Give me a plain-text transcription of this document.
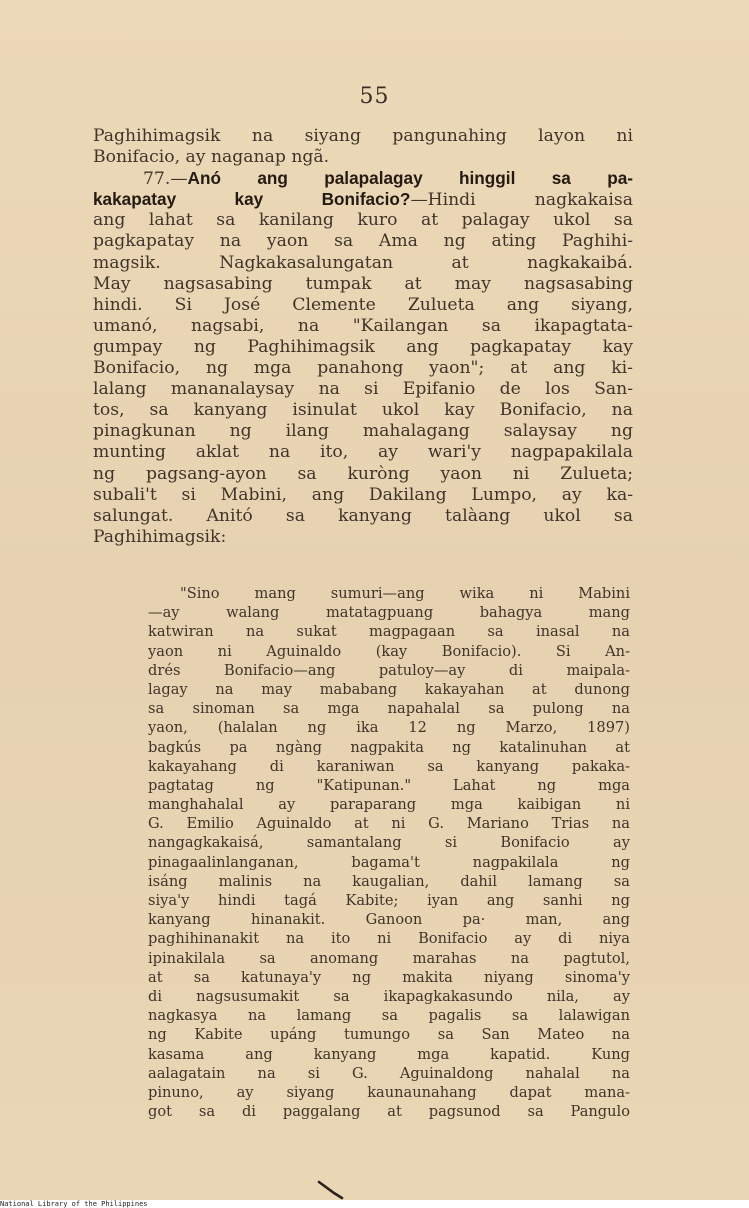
55
Paghihimagsik na siyang pangunahing layon ni
Bonifacio, ay naganap ngã.
77.—Anó ang palapalagay hinggil sa pa-
kakapatay kay Bonifacio?—Hindi nagkakaisa
ang lahat sa kanilang kuro at palagay ukol sa
pagkapatay na yaon sa Ama ng ating Paghihi-
magsik. Nagkakasalungatan at nagkakaibá.
May nagsasabing tumpak at may nagsasabing
hindi. Si José Clemente Zulueta ang siyang,
umanó, nagsabi, na "Kailangan sa ikapagtata-
gumpay ng Paghihimagsik ang pagkapatay kay
Bonifacio, ng mga panahong yaon"; at ang ki-
lalang mananalaysay na si Epifanio de los San-
tos, sa kanyang isinulat ukol kay Bonifacio, na
pinagkunan ng ilang mahalagang salaysay ng
munting aklat na ito, ay wari'y nagpapakilala
ng pagsang-ayon sa kuròng yaon ni Zulueta;
subali't si Mabini, ang Dakilang Lumpo, ay ka-
salungat. Anitó sa kanyang talàang ukol sa
Paghihimagsik:
"Sino mang sumuri—ang wika ni Mabini
—ay walang matatagpuang bahagya mang
katwiran na sukat magpagaan sa inasal na
yaon ni Aguinaldo (kay Bonifacio). Si An-
drés Bonifacio—ang patuloy—ay di maipala-
lagay na may mababang kakayahan at dunong
sa sinoman sa mga napahalal sa pulong na
yaon, (halalan ng ika 12 ng Marzo, 1897)
bagkús pa ngàng nagpakita ng katalinuhan at
kakayahang di karaniwan sa kanyang pakaka-
pagtatag ng "Katipunan." Lahat ng mga
manghahalal ay paraparang mga kaibigan ni
G. Emilio Aguinaldo at ni G. Mariano Trias na
nangagkakaisá, samantalang si Bonifacio ay
pinagaalinlanganan, bagama't nagpakilala ng
isáng malinis na kaugalian, dahil lamang sa
siya'y hindi tagá Kabite; iyan ang sanhi ng
kanyang hinanakit. Ganoon pa· man, ang
paghihinanakit na ito ni Bonifacio ay di niya
ipinakilala sa anomang marahas na pagtutol,
at sa katunaya'y ng makita niyang sinoma'y
di nagsusumakit sa ikapagkakasundo nila, ay
nagkasya na lamang sa pagalis sa lalawigan
ng Kabite upáng tumungo sa San Mateo na
kasama ang kanyang mga kapatid. Kung
aalagatain na si G. Aguinaldong nahalal na
pinuno, ay siyang kaunaunahang dapat mana-
got sa di paggalang at pagsunod sa Pangulo
National Library of the Philippines
